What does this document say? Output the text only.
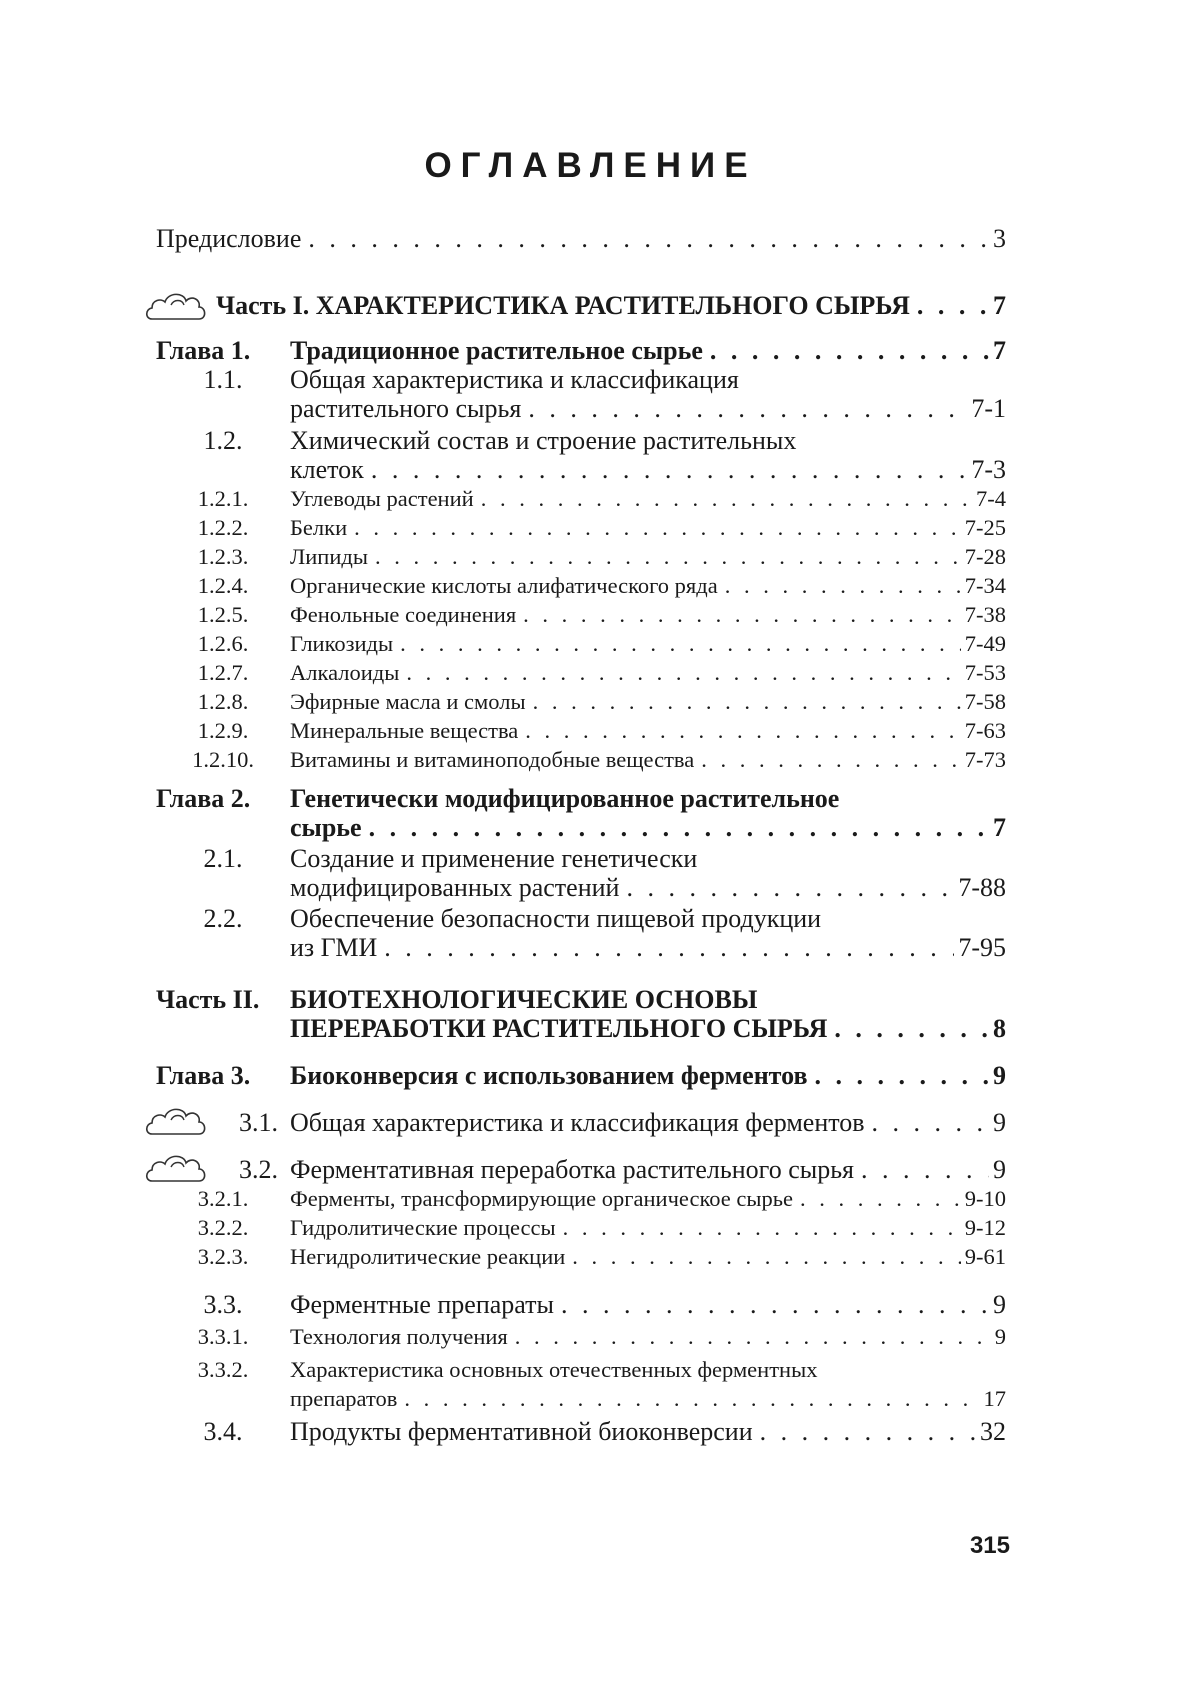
ОГЛАВЛЕНИЕ
Предисловие . . .	3
Часть I. ХАРАКТЕРИСТИКА РАСТИТЕЛЬНОГО СЫРЬЯ . . .	7
Глава 1.	Традиционное растительное сырье . . .	7
1.1.	Общая характеристика и классификация
растительного сырья . . .	7-1
1.2.	Химический состав и строение растительных
клеток . . .	7-3
1.2.1.	Углеводы растений . . .	7-4
1.2.2.	Белки . . .	7-25
1.2.3.	Липиды . . .	7-28
1.2.4.	Органические кислоты алифатического ряда . . .	7-34
1.2.5.	Фенольные соединения . . .	7-38
1.2.6.	Гликозиды . . .	7-49
1.2.7.	Алкалоиды . . .	7-53
1.2.8.	Эфирные масла и смолы . . .	7-58
1.2.9.	Минеральные вещества . . .	7-63
1.2.10.	Витамины и витаминоподобные вещества . . .	7-73
Глава 2.	Генетически модифицированное растительное
сырье . . .	7
2.1.	Создание и применение генетически
модифицированных растений . . .	7-88
2.2.	Обеспечение безопасности пищевой продукции
из ГМИ . . .	7-95
Часть II.	БИОТЕХНОЛОГИЧЕСКИЕ ОСНОВЫ
ПЕРЕРАБОТКИ РАСТИТЕЛЬНОГО СЫРЬЯ . . .	8
Глава 3.	Биоконверсия с использованием ферментов . . .	9
3.1. Общая характеристика и классификация ферментов . . .	9
3.2. Ферментативная переработка растительного сырья . . .	9
3.2.1.	Ферменты, трансформирующие органическое сырье . . .	9-10
3.2.2.	Гидролитические процессы . . .	9-12
3.2.3.	Негидролитические реакции . . .	9-61
3.3.	Ферментные препараты . . .	9
3.3.1.	Технология получения . . .	9
3.3.2.	Характеристика основных отечественных ферментных
препаратов . . .	17
3.4.	Продукты ферментативной биоконверсии . . .	32
315
